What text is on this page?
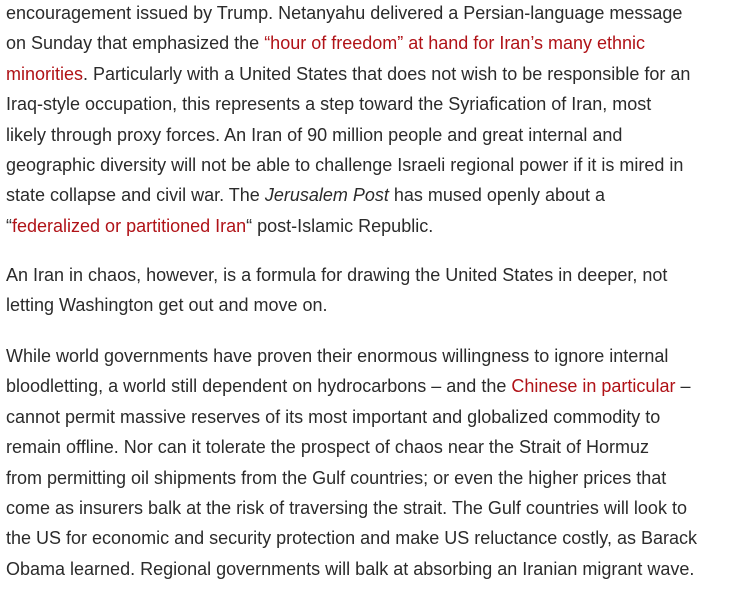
encouragement issued by Trump. Netanyahu delivered a Persian-language message
on Sunday that emphasized the “hour of freedom” at hand for Iran’s many ethnic
minorities. Particularly with a United States that does not wish to be responsible for an
Iraq-style occupation, this represents a step toward the Syriafication of Iran, most
likely through proxy forces. An Iran of 90 million people and great internal and
geographic diversity will not be able to challenge Israeli regional power if it is mired in
state collapse and civil war. The Jerusalem Post has mused openly about a
“federalized or partitioned Iran“ post-Islamic Republic.

An Iran in chaos, however, is a formula for drawing the United States in deeper, not
letting Washington get out and move on.

While world governments have proven their enormous willingness to ignore internal
bloodletting, a world still dependent on hydrocarbons – and the Chinese in particular –
cannot permit massive reserves of its most important and globalized commodity to
remain offline. Nor can it tolerate the prospect of chaos near the Strait of Hormuz
from permitting oil shipments from the Gulf countries; or even the higher prices that
come as insurers balk at the risk of traversing the strait. The Gulf countries will look to
the US for economic and security protection and make US reluctance costly, as Barack
Obama learned. Regional governments will balk at absorbing an Iranian migrant wave.
